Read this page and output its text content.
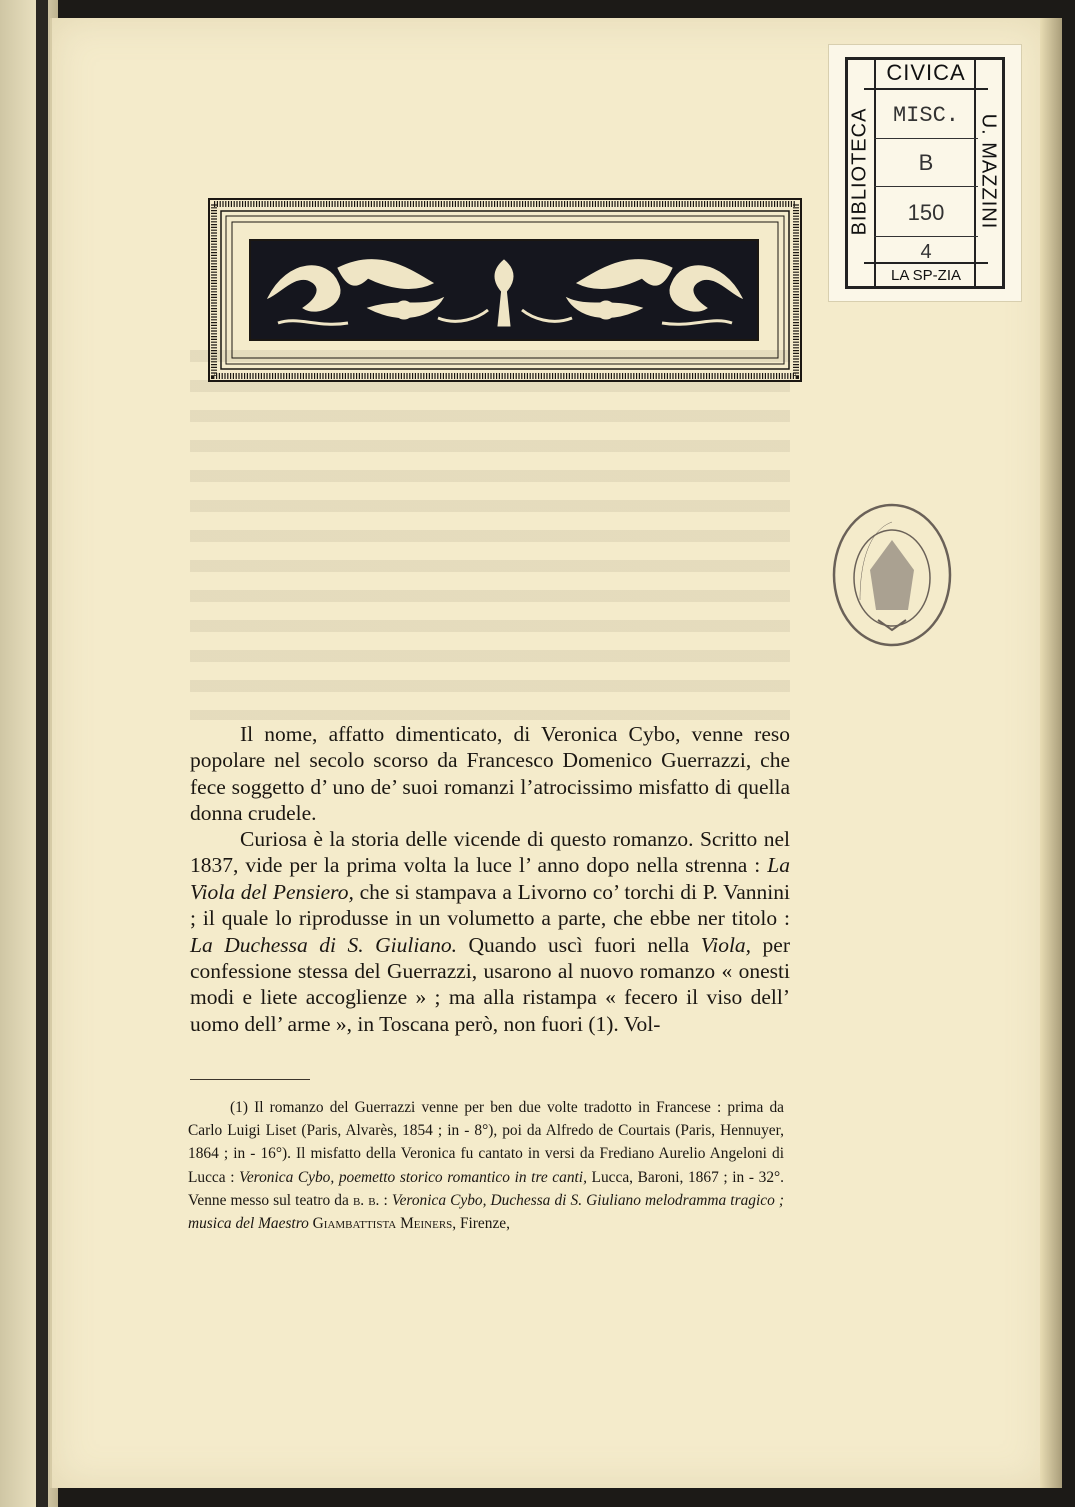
BIBLIOTECA	U. MAZZINI
CIVICA
MISC.
B
150
4
LA SP-ZIA

Il nome, affatto dimenticato, di Veronica Cybo, venne reso popolare nel secolo scorso da Francesco Domenico Guerrazzi, che fece soggetto d’ uno de’ suoi romanzi l’atrocissimo misfatto di quella donna crudele.

Curiosa è la storia delle vicende di questo romanzo. Scritto nel 1837, vide per la prima volta la luce l’ anno dopo nella strenna : La Viola del Pensiero, che si stampava a Livorno co’ torchi di P. Vannini ; il quale lo riprodusse in un volumetto a parte, che ebbe ner titolo : La Duchessa di S. Giuliano. Quando uscì fuori nella Viola, per confessione stessa del Guerrazzi, usarono al nuovo romanzo « onesti modi e liete accoglienze » ; ma alla ristampa « fecero il viso dell’ uomo dell’ arme », in Toscana però, non fuori (1). Vol-

(1) Il romanzo del Guerrazzi venne per ben due volte tradotto in Francese : prima da Carlo Luigi Liset (Paris, Alvarès, 1854 ; in - 8°), poi da Alfredo de Courtais (Paris, Hennuyer, 1864 ; in - 16°). Il misfatto della Veronica fu cantato in versi da Frediano Aurelio Angeloni di Lucca : Veronica Cybo, poemetto storico romantico in tre canti, Lucca, Baroni, 1867 ; in - 32°. Venne messo sul teatro da b. b. : Veronica Cybo, Duchessa di S. Giuliano melodramma tragico ; musica del Maestro Giambattista Meiners, Firenze,
